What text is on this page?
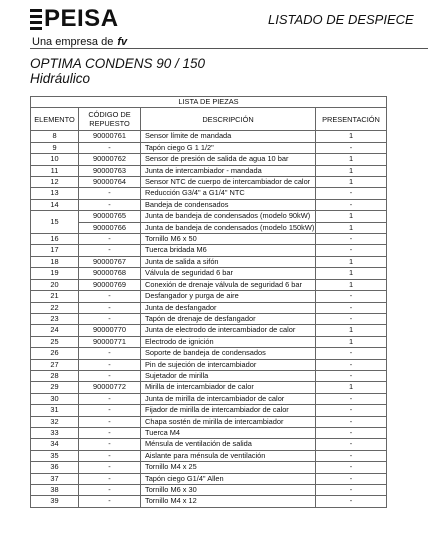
PEISA
Una empresa de fv
LISTADO DE DESPIECE
OPTIMA CONDENS 90 / 150
Hidráulico
LISTA DE PIEZAS			
ELEMENTO	CÓDIGO DE REPUESTO	DESCRIPCIÓN	PRESENTACIÓN
8	90000761	Sensor límite de mandada	1
9	-	Tapón ciego G 1 1/2"	-
10	90000762	Sensor de presión de salida de agua 10 bar	1
11	90000763	Junta de intercambiador - mandada	1
12	90000764	Sensor NTC de cuerpo de intercambiador de calor	1
13	-	Reducción G3/4" a G1/4" NTC	-
14	-	Bandeja de condensados	-
15	90000765	Junta de bandeja de condensados (modelo 90kW)	1
	90000766	Junta de bandeja de condensados (modelo 150kW)	1
16	-	Tornillo M6 x 50	-
17	-	Tuerca bridada M6	-
18	90000767	Junta de salida a sifón	1
19	90000768	Válvula de seguridad 6 bar	1
20	90000769	Conexión de drenaje válvula de seguridad 6 bar	1
21	-	Desfangador y purga de aire	-
22	-	Junta de desfangador	-
23	-	Tapón de drenaje de desfangador	-
24	90000770	Junta de electrodo de intercambiador de calor	1
25	90000771	Electrodo de ignición	1
26	-	Soporte de bandeja de condensados	-
27	-	Pin de sujeción de intercambiador	-
28	-	Sujetador de mirilla	-
29	90000772	Mirilla de intercambiador de calor	1
30	-	Junta de mirilla de intercambiador de calor	-
31	-	Fijador de mirilla de intercambiador de calor	-
32	-	Chapa sostén de mirilla de intercambiador	-
33	-	Tuerca M4	-
34	-	Ménsula de ventilación de salida	-
35	-	Aislante para ménsula de ventilación	-
36	-	Tornillo M4 x 25	-
37	-	Tapón ciego G1/4" Allen	-
38	-	Tornillo M6 x 30	-
39	-	Tornillo M4 x 12	-
